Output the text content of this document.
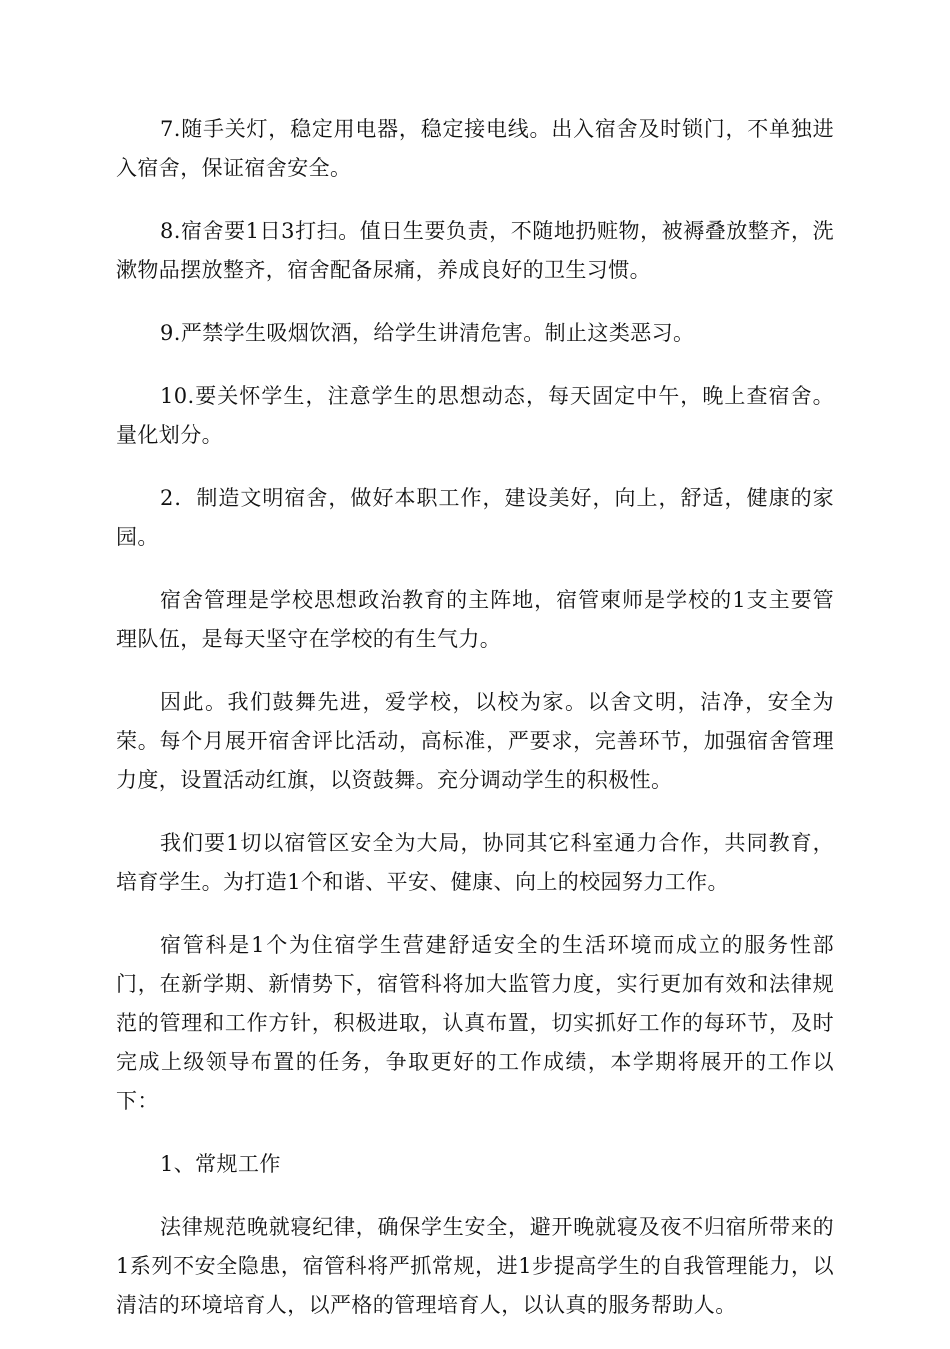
7.随手关灯，稳定用电器，稳定接电线。出入宿舍及时锁门，不单独进入宿舍，保证宿舍安全。

8.宿舍要1日3打扫。值日生要负责，不随地扔赃物，被褥叠放整齐，洗漱物品摆放整齐，宿舍配备尿痛，养成良好的卫生习惯。

9.严禁学生吸烟饮酒，给学生讲清危害。制止这类恶习。

10.要关怀学生，注意学生的思想动态，每天固定中午，晚上查宿舍。量化划分。

2．制造文明宿舍，做好本职工作，建设美好，向上，舒适，健康的家园。

宿舍管理是学校思想政治教育的主阵地，宿管柬师是学校的1支主要管理队伍，是每天坚守在学校的有生气力。

因此。我们鼓舞先进，爱学校，以校为家。以舍文明，洁净，安全为荣。每个月展开宿舍评比活动，高标准，严要求，完善环节，加强宿舍管理力度，设置活动红旗，以资鼓舞。充分调动学生的积极性。

我们要1切以宿管区安全为大局，协同其它科室通力合作，共同教育，培育学生。为打造1个和谐、平安、健康、向上的校园努力工作。

宿管科是1个为住宿学生营建舒适安全的生活环境而成立的服务性部门，在新学期、新情势下，宿管科将加大监管力度，实行更加有效和法律规范的管理和工作方针，积极进取，认真布置，切实抓好工作的每环节，及时完成上级领导布置的任务，争取更好的工作成绩，本学期将展开的工作以下：

1、常规工作

法律规范晚就寝纪律，确保学生安全，避开晚就寝及夜不归宿所带来的1系列不安全隐患，宿管科将严抓常规，进1步提高学生的自我管理能力，以清洁的环境培育人，以严格的管理培育人，以认真的服务帮助人。
